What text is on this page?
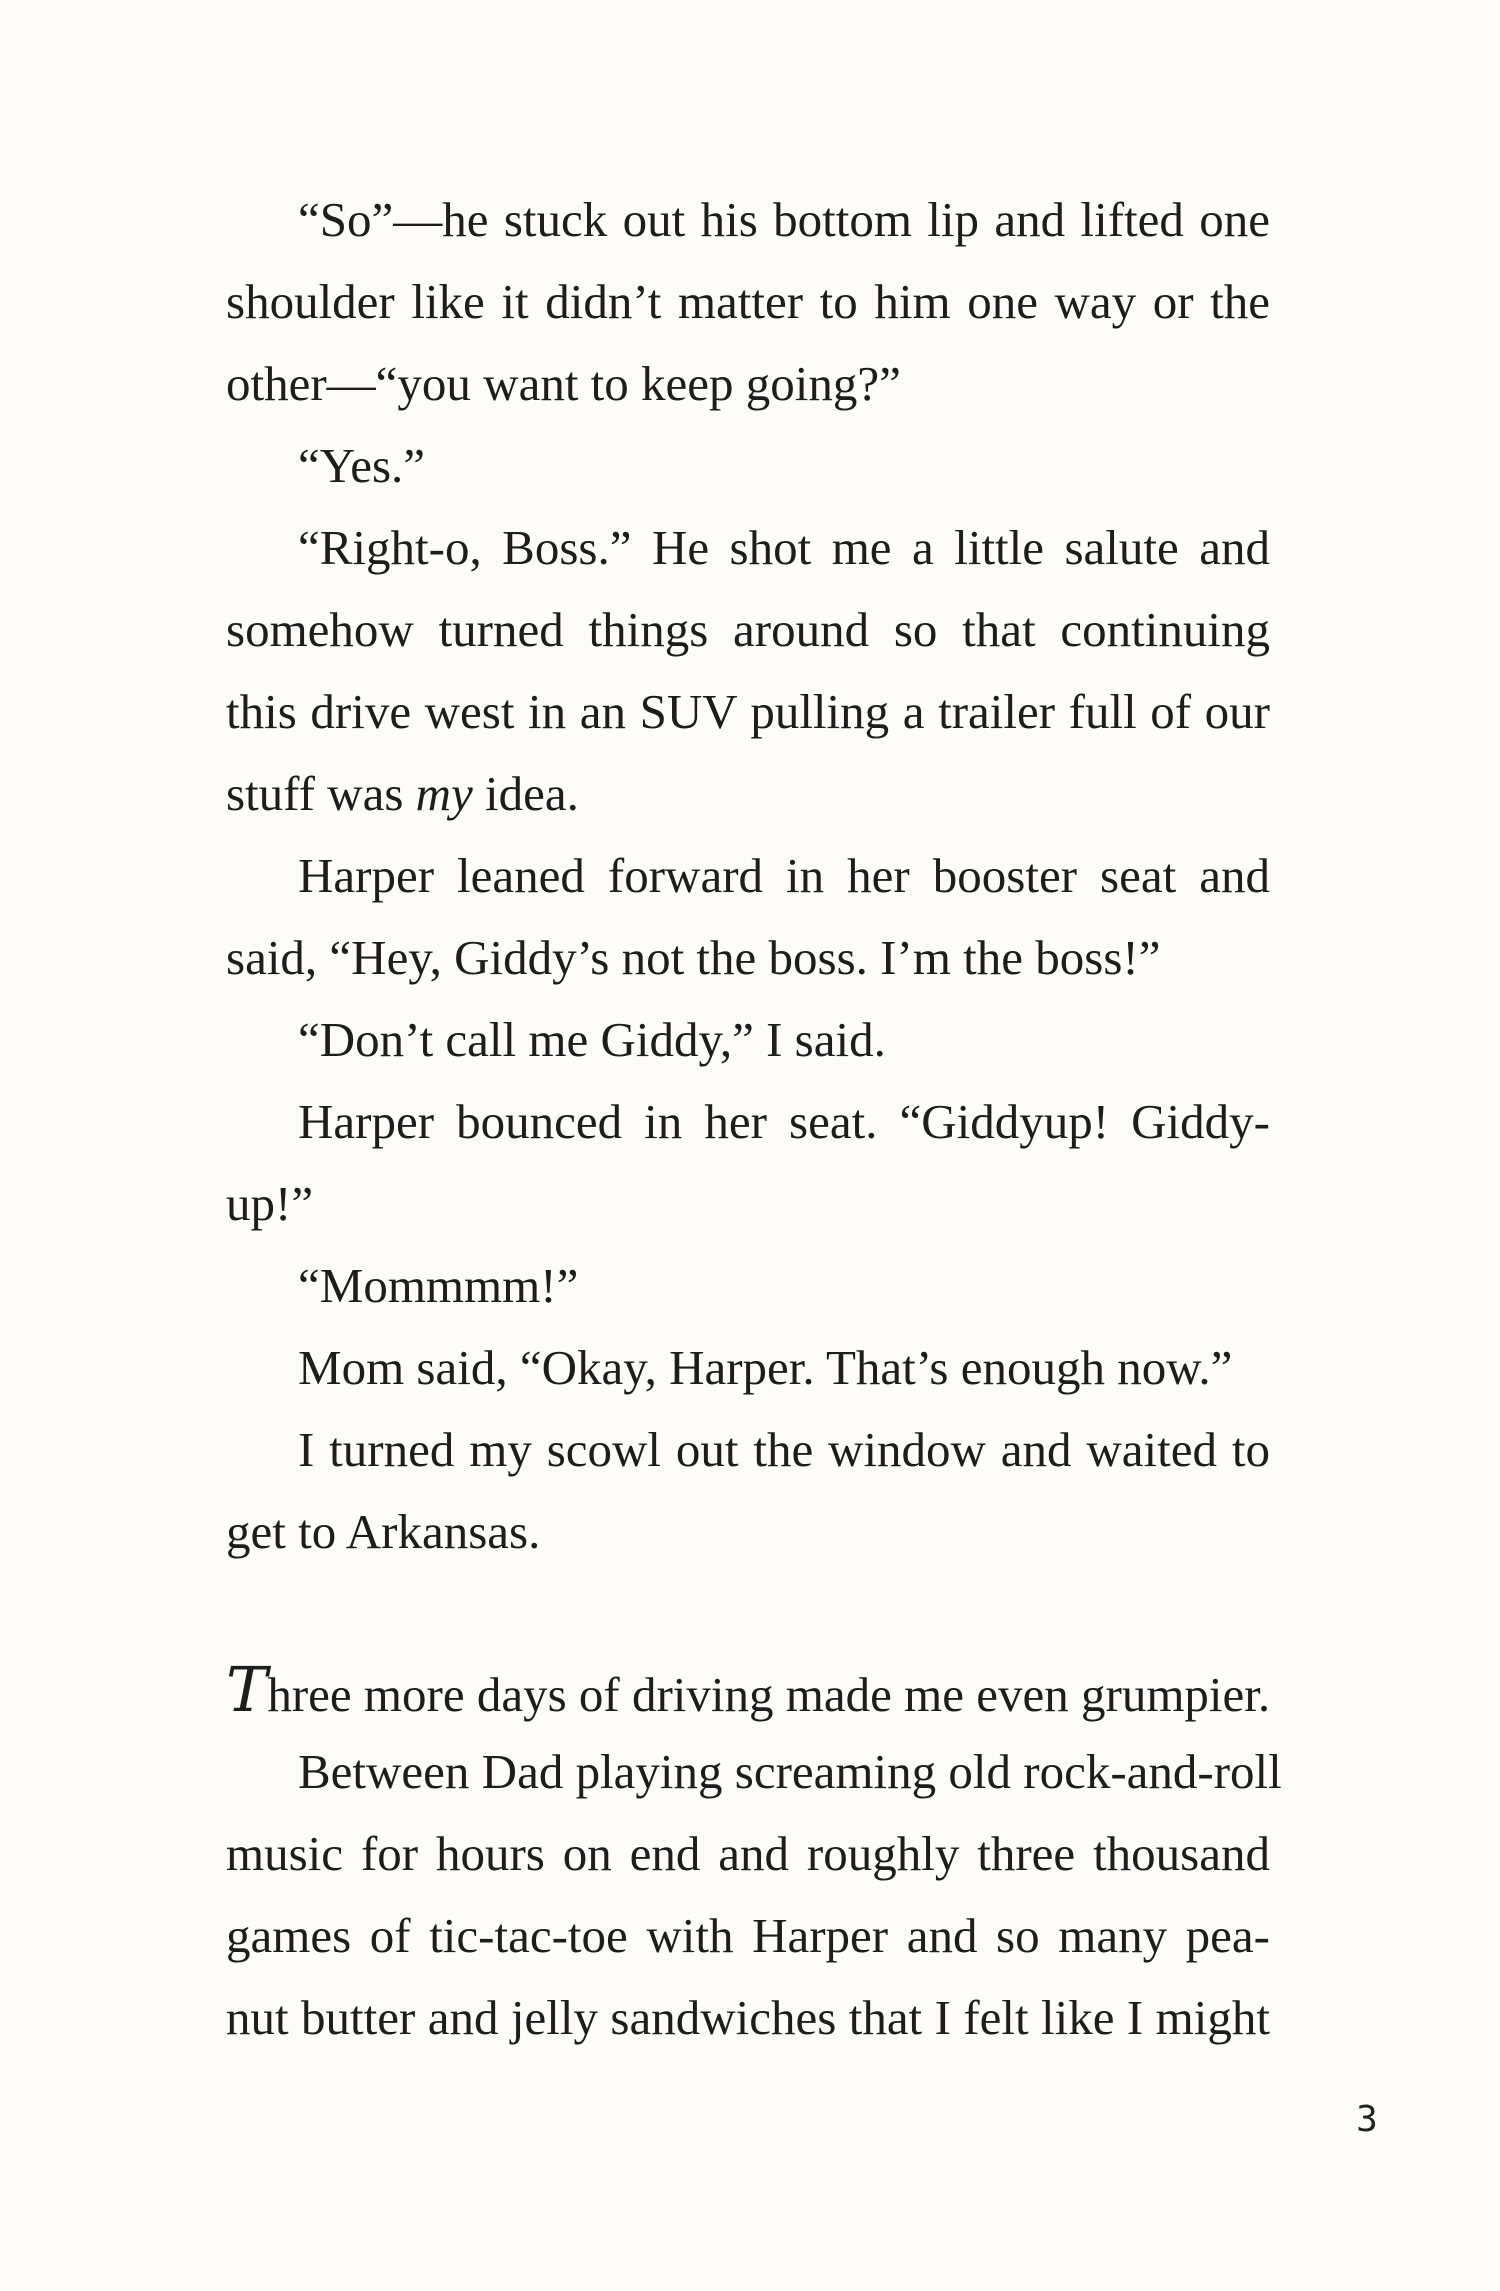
“So”—he stuck out his bottom lip and lifted one
shoulder like it didn’t matter to him one way or the
other—“you want to keep going?”
“Yes.”
“Right-o, Boss.” He shot me a little salute and
somehow turned things around so that continuing
this drive west in an SUV pulling a trailer full of our
stuff was my idea.
Harper leaned forward in her booster seat and
said, “Hey, Giddy’s not the boss. I’m the boss!”
“Don’t call me Giddy,” I said.
Harper bounced in her seat. “Giddyup! Giddy-
up!”
“Mommmm!”
Mom said, “Okay, Harper. That’s enough now.”
I turned my scowl out the window and waited to
get to Arkansas.
Three more days of driving made me even grumpier.
Between Dad playing screaming old rock-and-roll
music for hours on end and roughly three thousand
games of tic-tac-toe with Harper and so many pea-
nut butter and jelly sandwiches that I felt like I might
3
